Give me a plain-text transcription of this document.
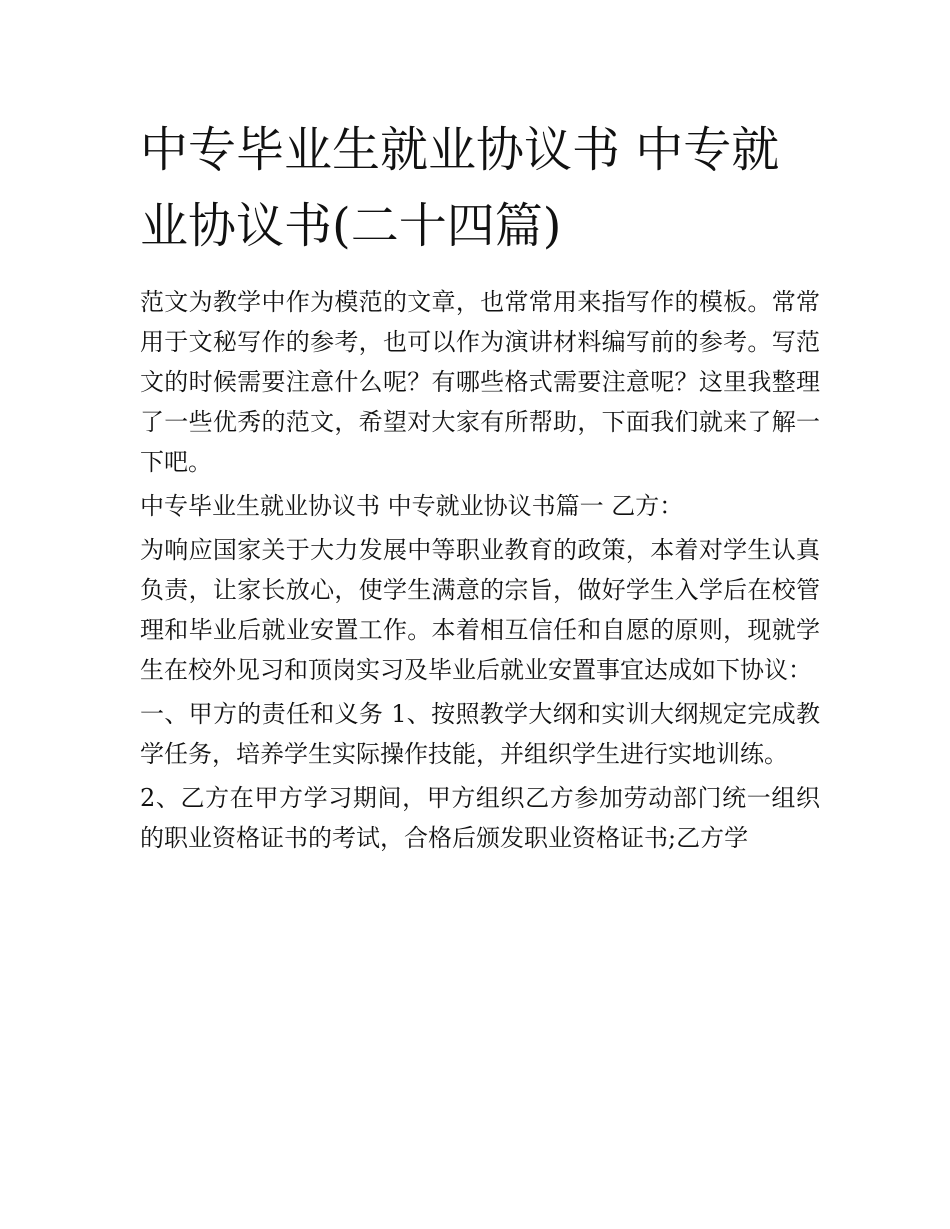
中专毕业生就业协议书 中专就业协议书(二十四篇)

范文为教学中作为模范的文章，也常常用来指写作的模板。常常用于文秘写作的参考，也可以作为演讲材料编写前的参考。写范文的时候需要注意什么呢？有哪些格式需要注意呢？这里我整理了一些优秀的范文，希望对大家有所帮助，下面我们就来了解一下吧。

中专毕业生就业协议书 中专就业协议书篇一 乙方：

为响应国家关于大力发展中等职业教育的政策，本着对学生认真负责，让家长放心，使学生满意的宗旨，做好学生入学后在校管理和毕业后就业安置工作。本着相互信任和自愿的原则，现就学生在校外见习和顶岗实习及毕业后就业安置事宜达成如下协议：

一、甲方的责任和义务 1、按照教学大纲和实训大纲规定完成教学任务，培养学生实际操作技能，并组织学生进行实地训练。

2、乙方在甲方学习期间，甲方组织乙方参加劳动部门统一组织的职业资格证书的考试，合格后颁发职业资格证书;乙方学
